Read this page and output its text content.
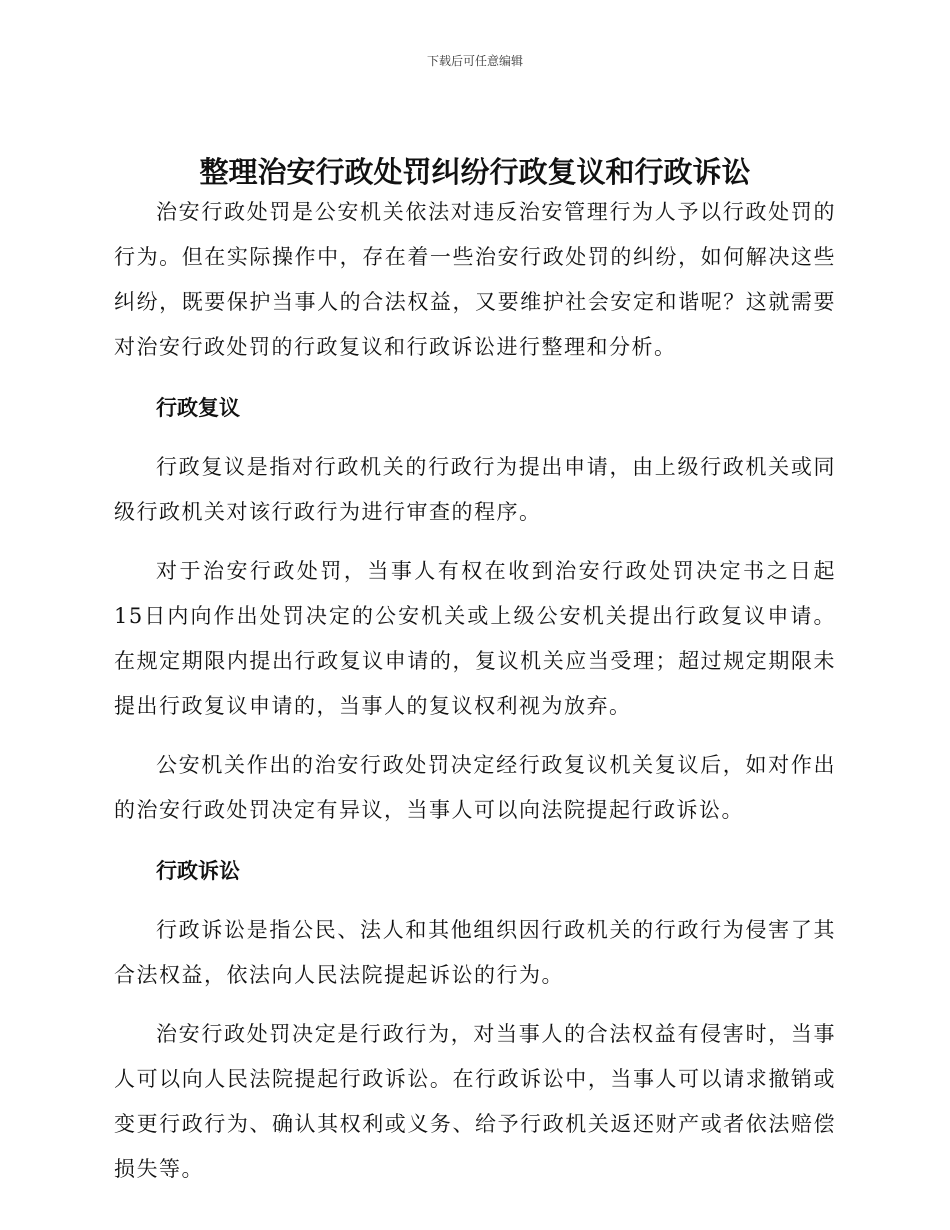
下载后可任意编辑
整理治安行政处罚纠纷行政复议和行政诉讼

治安行政处罚是公安机关依法对违反治安管理行为人予以行政处罚的行为。但在实际操作中，存在着一些治安行政处罚的纠纷，如何解决这些纠纷，既要保护当事人的合法权益，又要维护社会安定和谐呢？这就需要对治安行政处罚的行政复议和行政诉讼进行整理和分析。

行政复议

行政复议是指对行政机关的行政行为提出申请，由上级行政机关或同级行政机关对该行政行为进行审查的程序。

对于治安行政处罚，当事人有权在收到治安行政处罚决定书之日起15日内向作出处罚决定的公安机关或上级公安机关提出行政复议申请。在规定期限内提出行政复议申请的，复议机关应当受理；超过规定期限未提出行政复议申请的，当事人的复议权利视为放弃。

公安机关作出的治安行政处罚决定经行政复议机关复议后，如对作出的治安行政处罚决定有异议，当事人可以向法院提起行政诉讼。

行政诉讼

行政诉讼是指公民、法人和其他组织因行政机关的行政行为侵害了其合法权益，依法向人民法院提起诉讼的行为。

治安行政处罚决定是行政行为，对当事人的合法权益有侵害时，当事人可以向人民法院提起行政诉讼。在行政诉讼中，当事人可以请求撤销或变更行政行为、确认其权利或义务、给予行政机关返还财产或者依法赔偿损失等。
